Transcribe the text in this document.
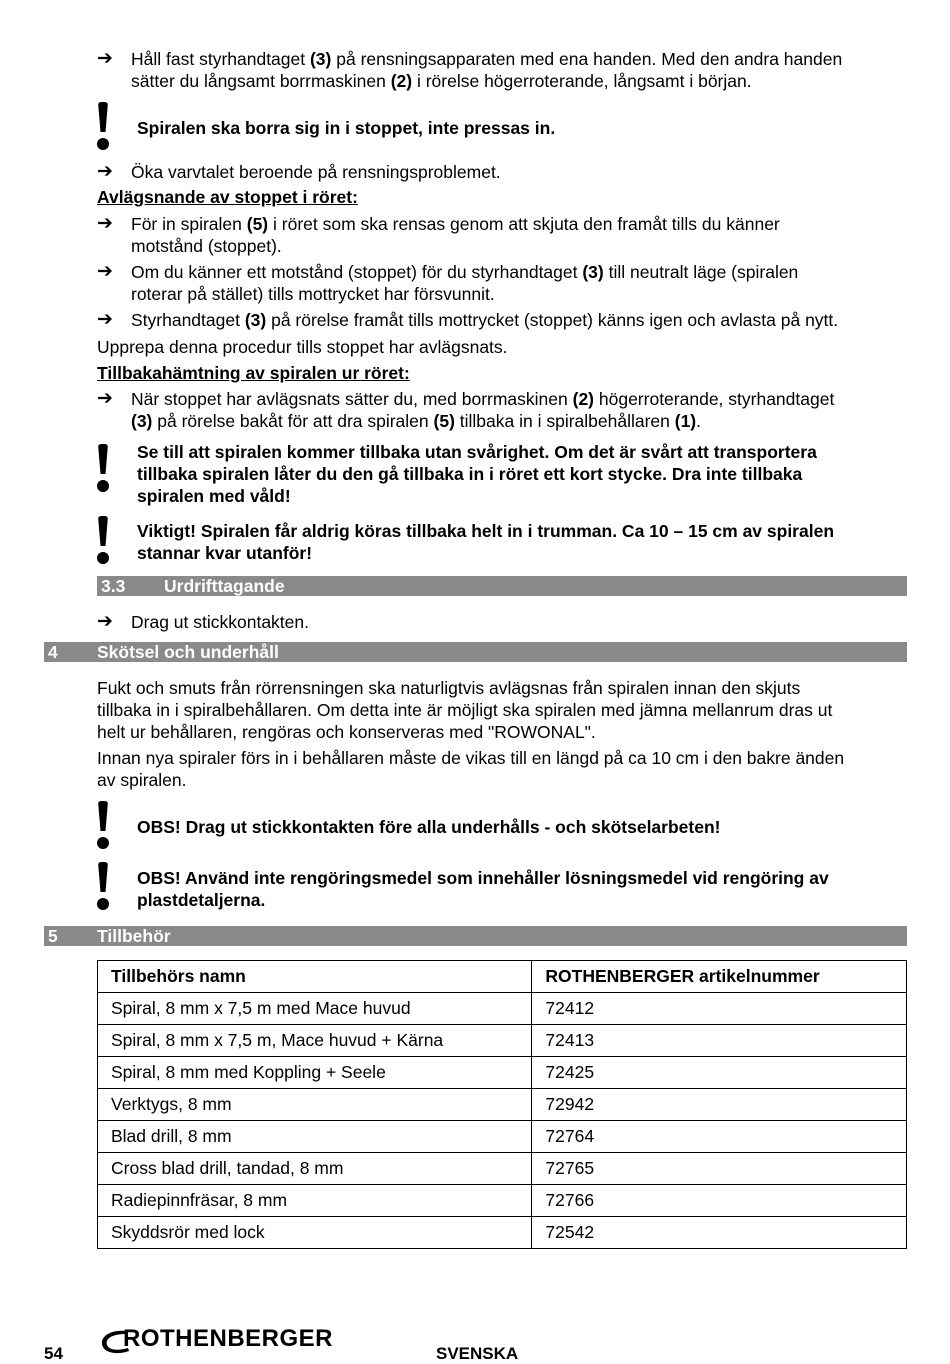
➔ Håll fast styrhandtaget (3) på rensningsapparaten med ena handen. Med den andra handen
sätter du långsamt borrmaskinen (2) i rörelse högerroterande, långsamt i början.
Spiralen ska borra sig in i stoppet, inte pressas in.
➔ Öka varvtalet beroende på rensningsproblemet.
Avlägsnande av stoppet i röret:
➔ För in spiralen (5) i röret som ska rensas genom att skjuta den framåt tills du känner
motstånd (stoppet).
➔ Om du känner ett motstånd (stoppet) för du styrhandtaget (3) till neutralt läge (spiralen
roterar på stället) tills mottrycket har försvunnit.
➔ Styrhandtaget (3) på rörelse framåt tills mottrycket (stoppet) känns igen och avlasta på nytt.
Upprepa denna procedur tills stoppet har avlägsnats.
Tillbakahämtning av spiralen ur röret:
➔ När stoppet har avlägsnats sätter du, med borrmaskinen (2) högerroterande, styrhandtaget
(3) på rörelse bakåt för att dra spiralen (5) tillbaka in i spiralbehållaren (1).
Se till att spiralen kommer tillbaka utan svårighet. Om det är svårt att transportera
tillbaka spiralen låter du den gå tillbaka in i röret ett kort stycke. Dra inte tillbaka
spiralen med våld!
Viktigt! Spiralen får aldrig köras tillbaka helt in i trumman. Ca 10 – 15 cm av spiralen
stannar kvar utanför!
3.3 Urdrifttagande
➔ Drag ut stickkontakten.
4 Skötsel och underhåll
Fukt och smuts från rörrensningen ska naturligtvis avlägsnas från spiralen innan den skjuts
tillbaka in i spiralbehållaren. Om detta inte är möjligt ska spiralen med jämna mellanrum dras ut
helt ur behållaren, rengöras och konserveras med "ROWONAL".
Innan nya spiraler förs in i behållaren måste de vikas till en längd på ca 10 cm i den bakre änden
av spiralen.
OBS! Drag ut stickkontakten före alla underhålls - och skötselarbeten!
OBS! Använd inte rengöringsmedel som innehåller lösningsmedel vid rengöring av
plastdetaljerna.
5 Tillbehör
Tillbehörs namn	ROTHENBERGER artikelnummer
Spiral, 8 mm x 7,5 m med Mace huvud	72412
Spiral, 8 mm x 7,5 m, Mace huvud + Kärna	72413
Spiral, 8 mm med Koppling + Seele	72425
Verktygs, 8 mm	72942
Blad drill, 8 mm	72764
Cross blad drill, tandad, 8 mm	72765
Radiepinnfräsar, 8 mm	72766
Skyddsrör med lock	72542
54
ROTHENBERGER
SVENSKA
